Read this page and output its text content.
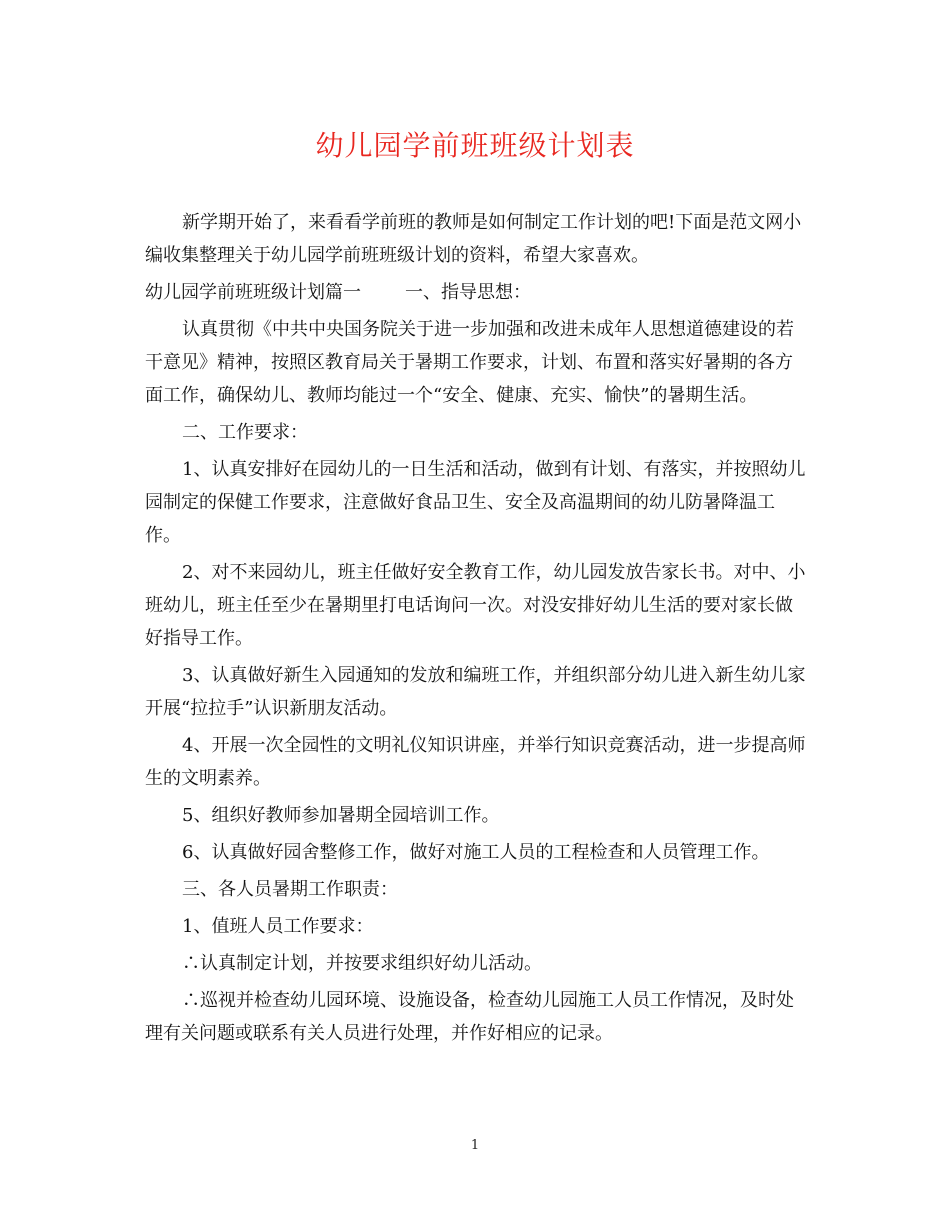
幼儿园学前班班级计划表

新学期开始了，来看看学前班的教师是如何制定工作计划的吧!下面是范文网小编收集整理关于幼儿园学前班班级计划的资料，希望大家喜欢。

幼儿园学前班班级计划篇一 一、指导思想：

认真贯彻《中共中央国务院关于进一步加强和改进未成年人思想道德建设的若干意见》精神，按照区教育局关于暑期工作要求，计划、布置和落实好暑期的各方面工作，确保幼儿、教师均能过一个“安全、健康、充实、愉快”的暑期生活。

二、工作要求：

1、认真安排好在园幼儿的一日生活和活动，做到有计划、有落实，并按照幼儿园制定的保健工作要求，注意做好食品卫生、安全及高温期间的幼儿防暑降温工作。

2、对不来园幼儿，班主任做好安全教育工作，幼儿园发放告家长书。对中、小班幼儿，班主任至少在暑期里打电话询问一次。对没安排好幼儿生活的要对家长做好指导工作。

3、认真做好新生入园通知的发放和编班工作，并组织部分幼儿进入新生幼儿家开展“拉拉手”认识新朋友活动。

4、开展一次全园性的文明礼仪知识讲座，并举行知识竞赛活动，进一步提高师生的文明素养。

5、组织好教师参加暑期全园培训工作。

6、认真做好园舍整修工作，做好对施工人员的工程检查和人员管理工作。

三、各人员暑期工作职责：

1、值班人员工作要求：

∴认真制定计划，并按要求组织好幼儿活动。

∴巡视并检查幼儿园环境、设施设备，检查幼儿园施工人员工作情况，及时处理有关问题或联系有关人员进行处理，并作好相应的记录。

1
